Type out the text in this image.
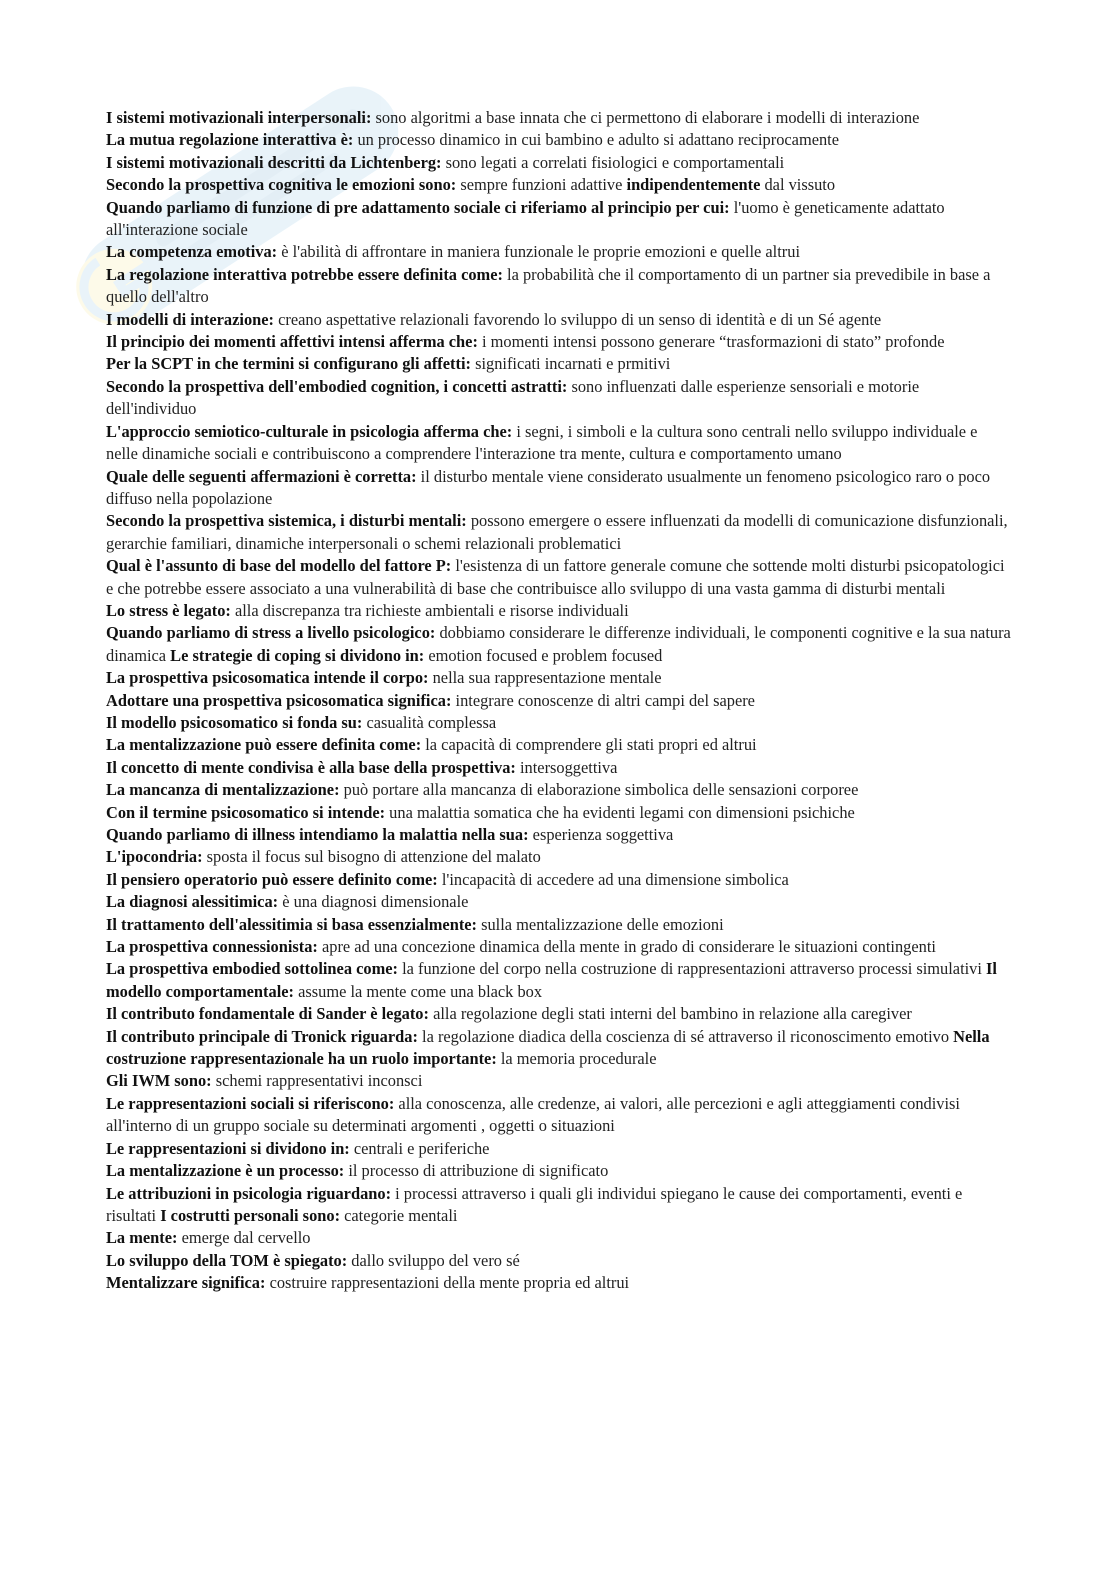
I sistemi motivazionali interpersonali: sono algoritmi a base innata che ci permettono di elaborare i modelli di interazione

La mutua regolazione interattiva è: un processo dinamico in cui bambino e adulto si adattano reciprocamente

I sistemi motivazionali descritti da Lichtenberg: sono legati a correlati fisiologici e comportamentali

Secondo la prospettiva cognitiva le emozioni sono: sempre funzioni adattive indipendentemente dal vissuto

Quando parliamo di funzione di pre adattamento sociale ci riferiamo al principio per cui: l'uomo è geneticamente adattato all'interazione sociale

La competenza emotiva: è l'abilità di affrontare in maniera funzionale le proprie emozioni e quelle altrui

La regolazione interattiva potrebbe essere definita come: la probabilità che il comportamento di un partner sia prevedibile in base a quello dell'altro

I modelli di interazione: creano aspettative relazionali favorendo lo sviluppo di un senso di identità e di un Sé agente

Il principio dei momenti affettivi intensi afferma che: i momenti intensi possono generare “trasformazioni di stato” profonde

Per la SCPT in che termini si configurano gli affetti: significati incarnati e prmitivi

Secondo la prospettiva dell'embodied cognition, i concetti astratti: sono influenzati dalle esperienze sensoriali e motorie dell'individuo

L'approccio semiotico-culturale in psicologia afferma che: i segni, i simboli e la cultura sono centrali nello sviluppo individuale e nelle dinamiche sociali e contribuiscono a comprendere l'interazione tra mente, cultura e comportamento umano

Quale delle seguenti affermazioni è corretta: il disturbo mentale viene considerato usualmente un fenomeno psicologico raro o poco diffuso nella popolazione

Secondo la prospettiva sistemica, i disturbi mentali: possono emergere o essere influenzati da modelli di comunicazione disfunzionali, gerarchie familiari, dinamiche interpersonali o schemi relazionali problematici

Qual è l'assunto di base del modello del fattore P: l'esistenza di un fattore generale comune che sottende molti disturbi psicopatologici e che potrebbe essere associato a una vulnerabilità di base che contribuisce allo sviluppo di una vasta gamma di disturbi mentali

Lo stress è legato: alla discrepanza tra richieste ambientali e risorse individuali

Quando parliamo di stress a livello psicologico: dobbiamo considerare le differenze individuali, le componenti cognitive e la sua natura dinamica Le strategie di coping si dividono in: emotion focused e problem focused

La prospettiva psicosomatica intende il corpo: nella sua rappresentazione mentale

Adottare una prospettiva psicosomatica significa: integrare conoscenze di altri campi del sapere

Il modello psicosomatico si fonda su: casualità complessa

La mentalizzazione può essere definita come: la capacità di comprendere gli stati propri ed altrui

Il concetto di mente condivisa è alla base della prospettiva: intersoggettiva

La mancanza di mentalizzazione: può portare alla mancanza di elaborazione simbolica delle sensazioni corporee

Con il termine psicosomatico si intende: una malattia somatica che ha evidenti legami con dimensioni psichiche

Quando parliamo di illness intendiamo la malattia nella sua: esperienza soggettiva

L'ipocondria: sposta il focus sul bisogno di attenzione del malato

Il pensiero operatorio può essere definito come: l'incapacità di accedere ad una dimensione simbolica

La diagnosi alessitimica: è una diagnosi dimensionale

Il trattamento dell'alessitimia si basa essenzialmente: sulla mentalizzazione delle emozioni

La prospettiva connessionista: apre ad una concezione dinamica della mente in grado di considerare le situazioni contingenti

La prospettiva embodied sottolinea come: la funzione del corpo nella costruzione di rappresentazioni attraverso processi simulativi Il modello comportamentale: assume la mente come una black box

Il contributo fondamentale di Sander è legato: alla regolazione degli stati interni del bambino in relazione alla caregiver

Il contributo principale di Tronick riguarda: la regolazione diadica della coscienza di sé attraverso il riconoscimento emotivo Nella costruzione rappresentazionale ha un ruolo importante: la memoria procedurale

Gli IWM sono: schemi rappresentativi inconsci

Le rappresentazioni sociali si riferiscono: alla conoscenza, alle credenze, ai valori, alle percezioni e agli atteggiamenti condivisi all'interno di un gruppo sociale su determinati argomenti , oggetti o situazioni

Le rappresentazioni si dividono in: centrali e periferiche

La mentalizzazione è un processo: il processo di attribuzione di significato

Le attribuzioni in psicologia riguardano: i processi attraverso i quali gli individui spiegano le cause dei comportamenti, eventi e risultati I costrutti personali sono: categorie mentali

La mente: emerge dal cervello

Lo sviluppo della TOM è spiegato: dallo sviluppo del vero sé

Mentalizzare significa: costruire rappresentazioni della mente propria ed altrui
